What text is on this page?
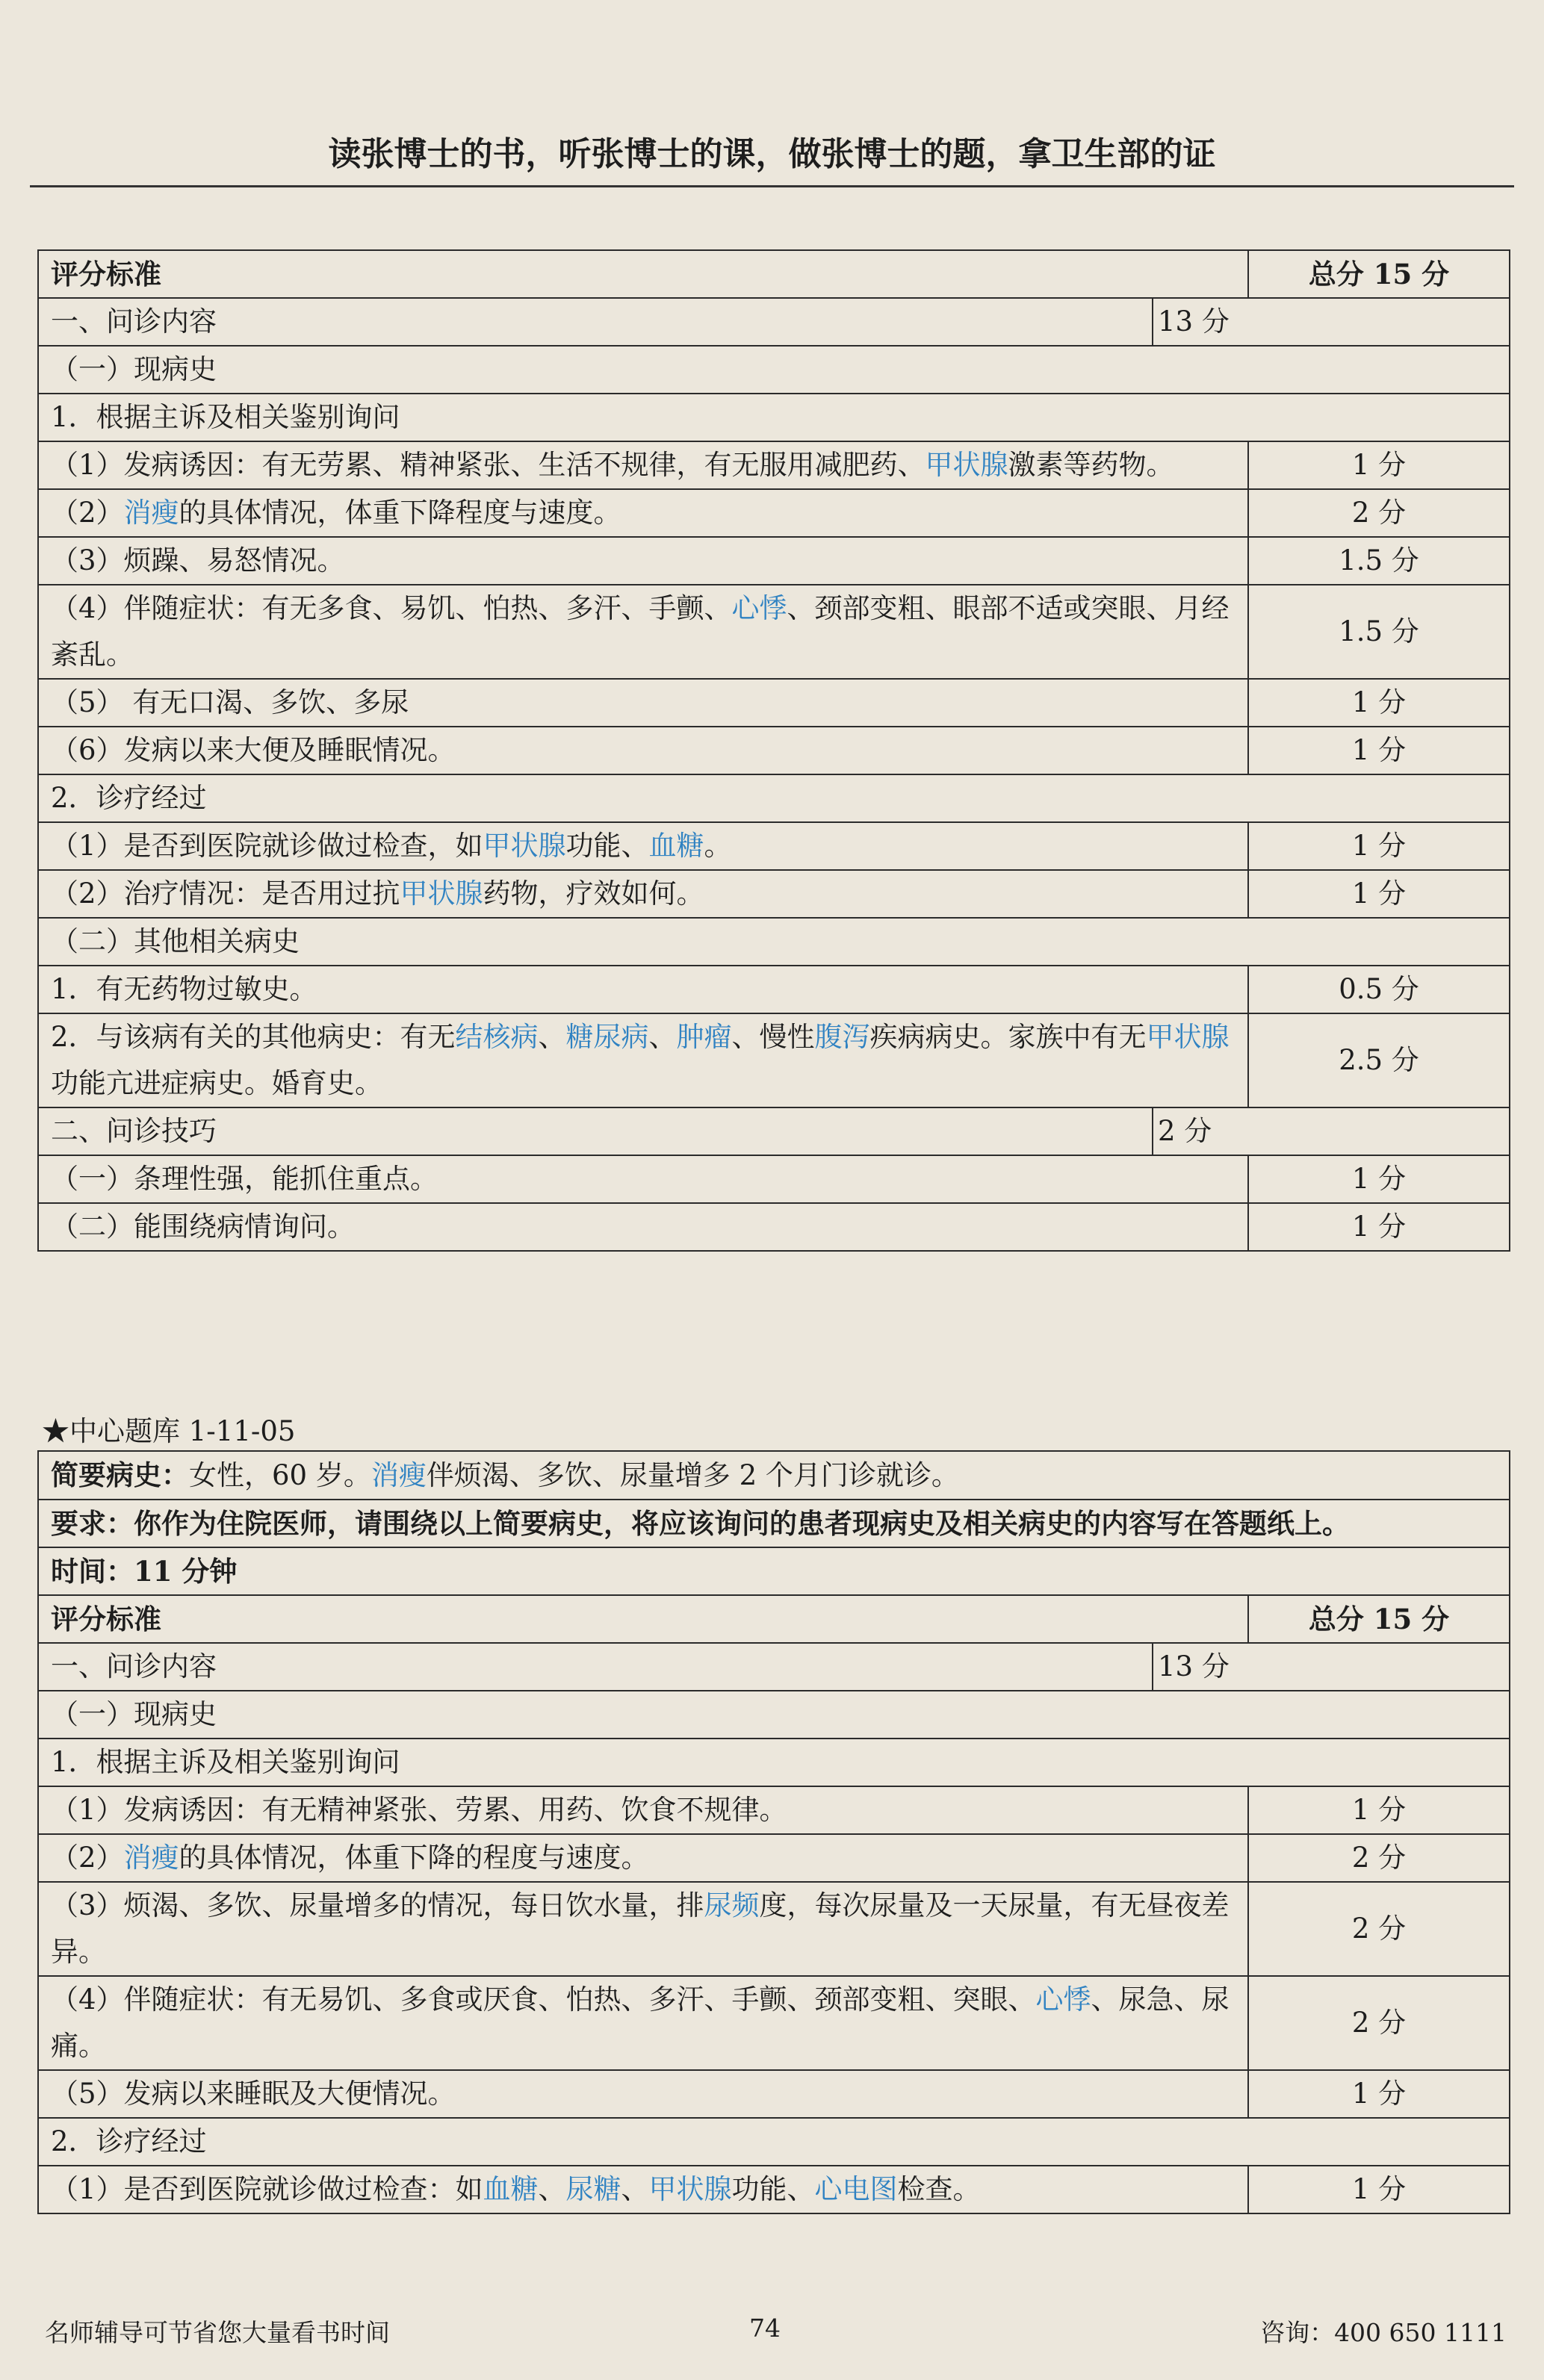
读张博士的书，听张博士的课，做张博士的题，拿卫生部的证
评分标准		总分 15 分
一、问诊内容	13 分	
（一）现病史		
1．根据主诉及相关鉴别询问		
（1）发病诱因：有无劳累、精神紧张、生活不规律，有无服用减肥药、甲状腺激素等药物。		1 分
（2）消瘦的具体情况，体重下降程度与速度。		2 分
（3）烦躁、易怒情况。		1.5 分
（4）伴随症状：有无多食、易饥、怕热、多汗、手颤、心悸、颈部变粗、眼部不适或突眼、月经紊乱。		1.5 分
（5） 有无口渴、多饮、多尿		1 分
（6）发病以来大便及睡眠情况。		1 分
2．诊疗经过		
（1）是否到医院就诊做过检查，如甲状腺功能、血糖。		1 分
（2）治疗情况：是否用过抗甲状腺药物，疗效如何。		1 分
（二）其他相关病史		
1．有无药物过敏史。		0.5 分
2．与该病有关的其他病史：有无结核病、糖尿病、肿瘤、慢性腹泻疾病病史。家族中有无甲状腺功能亢进症病史。婚育史。		2.5 分
二、问诊技巧	2 分	
（一）条理性强，能抓住重点。		1 分
（二）能围绕病情询问。		1 分
★中心题库 1-11-05
简要病史：女性，60 岁。消瘦伴烦渴、多饮、尿量增多 2 个月门诊就诊。		
要求：你作为住院医师，请围绕以上简要病史，将应该询问的患者现病史及相关病史的内容写在答题纸上。		
时间：11 分钟		
评分标准		总分 15 分
一、问诊内容	13 分	
（一）现病史		
1．根据主诉及相关鉴别询问		
（1）发病诱因：有无精神紧张、劳累、用药、饮食不规律。		1 分
（2）消瘦的具体情况，体重下降的程度与速度。		2 分
（3）烦渴、多饮、尿量增多的情况，每日饮水量，排尿频度，每次尿量及一天尿量，有无昼夜差异。		2 分
（4）伴随症状：有无易饥、多食或厌食、怕热、多汗、手颤、颈部变粗、突眼、心悸、尿急、尿痛。		2 分
（5）发病以来睡眠及大便情况。		1 分
2．诊疗经过		
（1）是否到医院就诊做过检查：如血糖、尿糖、甲状腺功能、心电图检查。		1 分
名师辅导可节省您大量看书时间	74	咨询：400 650 1111
